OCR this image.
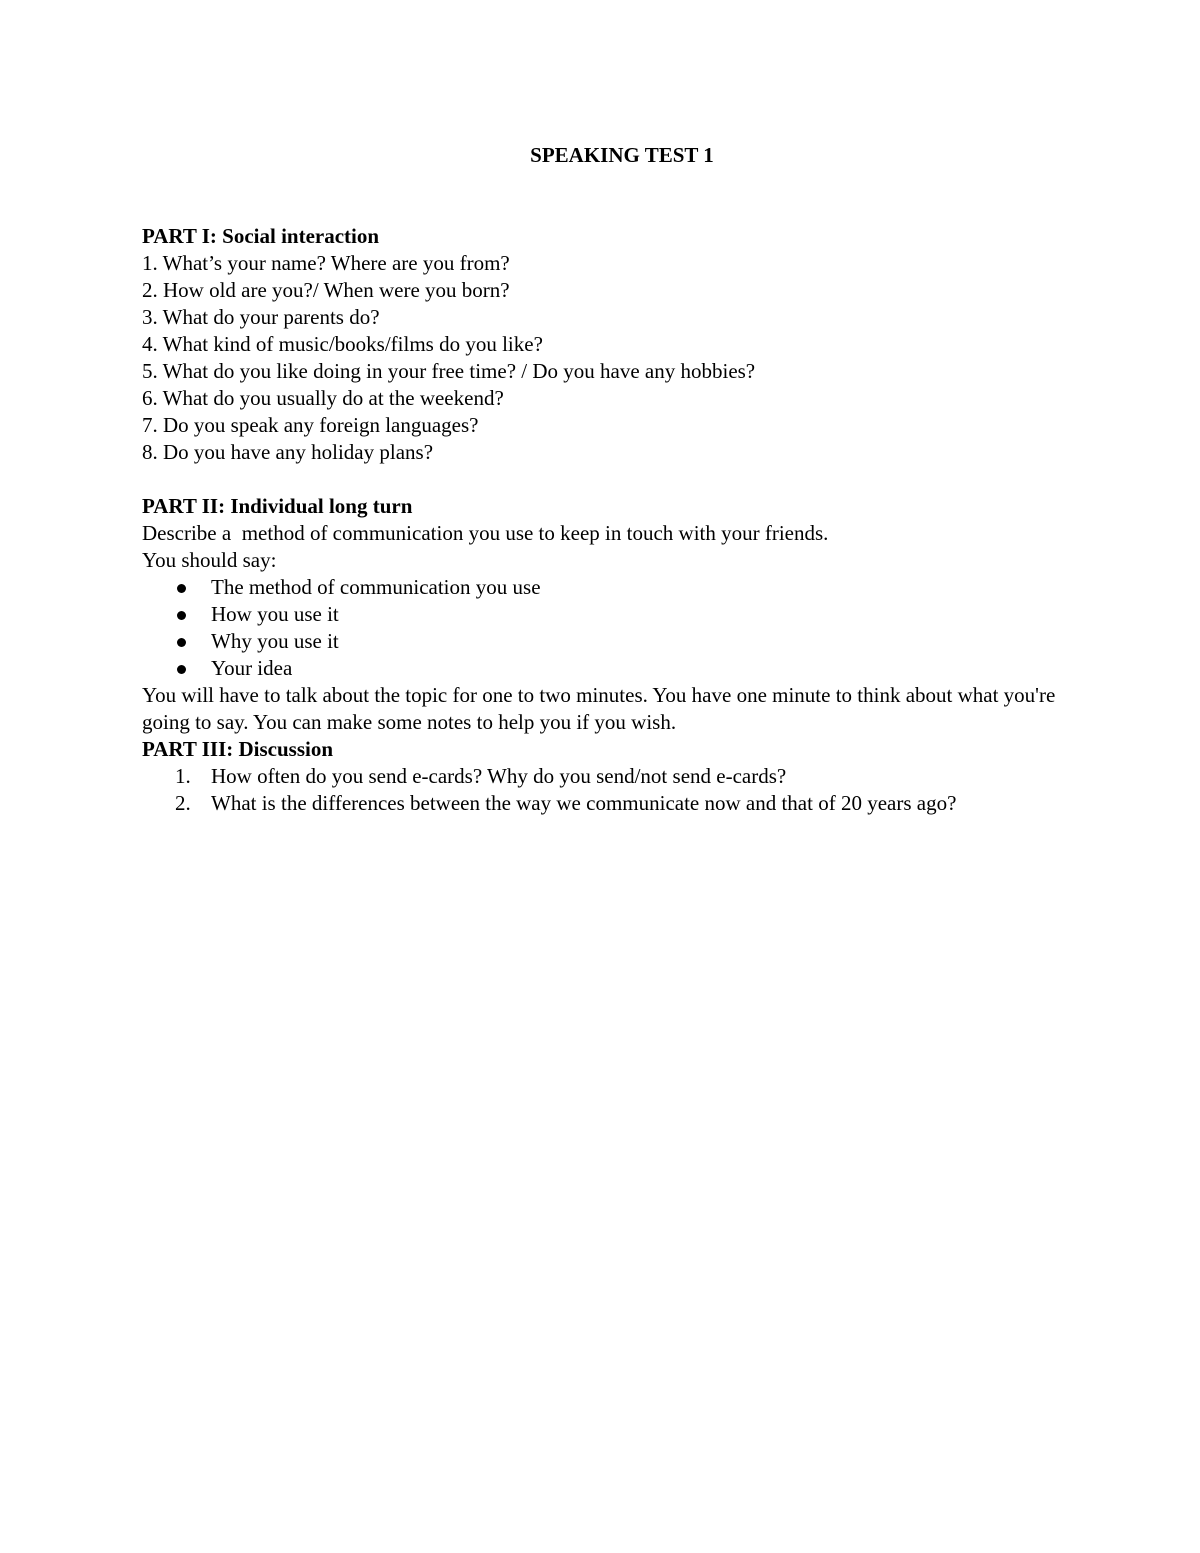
SPEAKING TEST 1

PART I: Social interaction

1. What’s your name? Where are you from?

2. How old are you?/ When were you born?

3. What do your parents do?

4. What kind of music/books/films do you like?

5. What do you like doing in your free time? / Do you have any hobbies?

6. What do you usually do at the weekend?

7. Do you speak any foreign languages?

8. Do you have any holiday plans?

PART II: Individual long turn

Describe a  method of communication you use to keep in touch with your friends.

You should say:

The method of communication you use
How you use it
Why you use it
Your idea

You will have to talk about the topic for one to two minutes. You have one minute to think about what you're going to say. You can make some notes to help you if you wish.

PART III: Discussion

1. How often do you send e-cards? Why do you send/not send e-cards?
2. What is the differences between the way we communicate now and that of 20 years ago?
